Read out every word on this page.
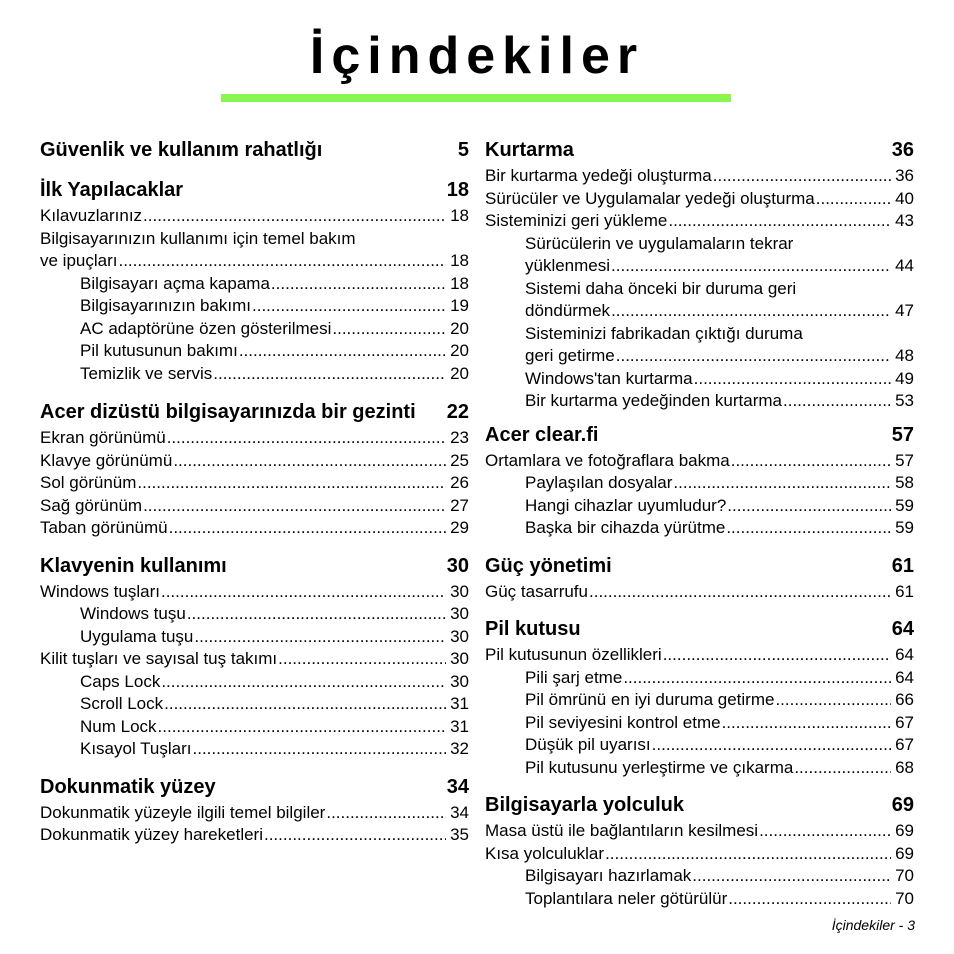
İçindekiler
Güvenlik ve kullanım rahatlığı	5
İlk Yapılacaklar	18
Kılavuzlarınız .....	18
Bilgisayarınızın kullanımı için temel bakım
ve ipuçları .....	18
Bilgisayarı açma kapama .....	18
Bilgisayarınızın bakımı .....	19
AC adaptörüne özen gösterilmesi .....	20
Pil kutusunun bakımı .....	20
Temizlik ve servis .....	20
Acer dizüstü bilgisayarınızda bir gezinti	22
Ekran görünümü .....	23
Klavye görünümü .....	25
Sol görünüm .....	26
Sağ görünüm .....	27
Taban görünümü .....	29
Klavyenin kullanımı	30
Windows tuşları .....	30
Windows tuşu .....	30
Uygulama tuşu .....	30
Kilit tuşları ve sayısal tuş takımı .....	30
Caps Lock .....	30
Scroll Lock .....	31
Num Lock .....	31
Kısayol Tuşları .....	32
Dokunmatik yüzey	34
Dokunmatik yüzeyle ilgili temel bilgiler .....	34
Dokunmatik yüzey hareketleri .....	35
Kurtarma	36
Bir kurtarma yedeği oluşturma .....	36
Sürücüler ve Uygulamalar yedeği oluşturma .....	40
Sisteminizi geri yükleme .....	43
Sürücülerin ve uygulamaların tekrar
yüklenmesi .....	44
Sistemi daha önceki bir duruma geri
döndürmek .....	47
Sisteminizi fabrikadan çıktığı duruma
geri getirme .....	48
Windows'tan kurtarma .....	49
Bir kurtarma yedeğinden kurtarma .....	53
Acer clear.fi	57
Ortamlara ve fotoğraflara bakma .....	57
Paylaşılan dosyalar .....	58
Hangi cihazlar uyumludur? .....	59
Başka bir cihazda yürütme .....	59
Güç yönetimi	61
Güç tasarrufu .....	61
Pil kutusu	64
Pil kutusunun özellikleri .....	64
Pili şarj etme .....	64
Pil ömrünü en iyi duruma getirme .....	66
Pil seviyesini kontrol etme .....	67
Düşük pil uyarısı .....	67
Pil kutusunu yerleştirme ve çıkarma .....	68
Bilgisayarla yolculuk	69
Masa üstü ile bağlantıların kesilmesi .....	69
Kısa yolculuklar .....	69
Bilgisayarı hazırlamak .....	70
Toplantılara neler götürülür .....	70
İçindekiler - 3
